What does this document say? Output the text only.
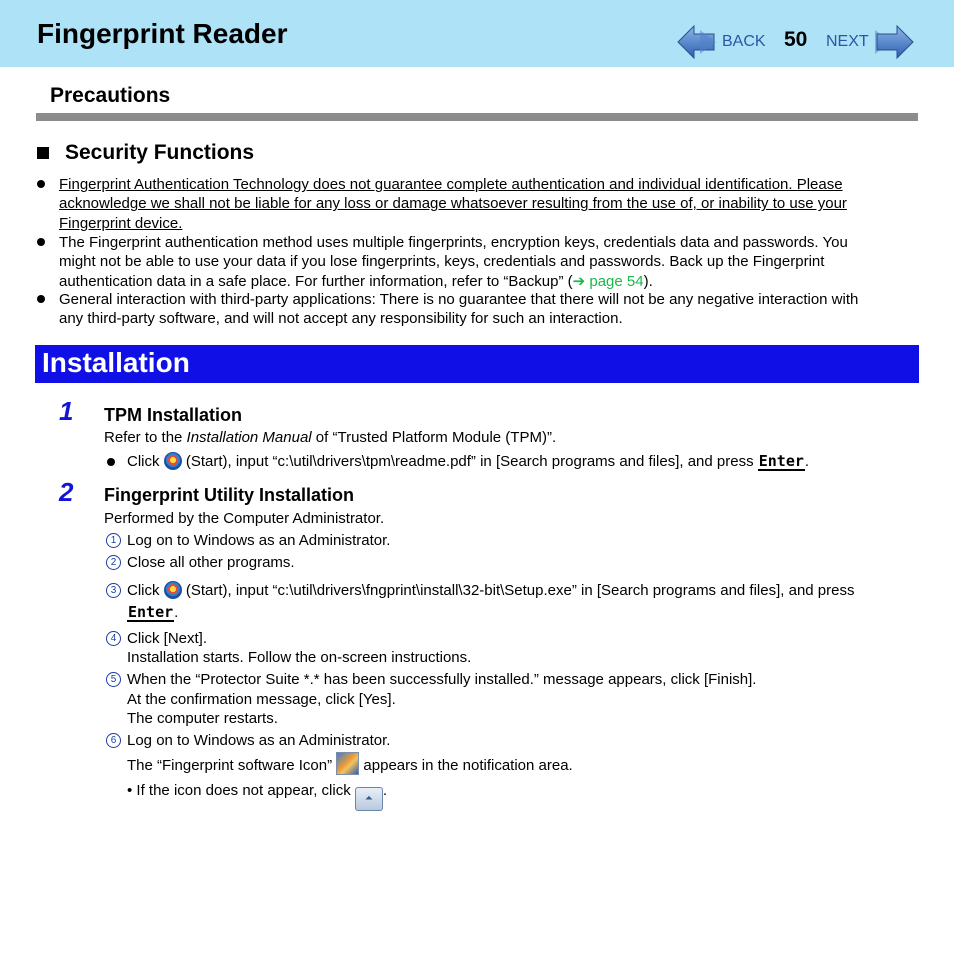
Fingerprint Reader	BACK 50 NEXT
Precautions
Security Functions
Fingerprint Authentication Technology does not guarantee complete authentication and individual identification. Please
acknowledge we shall not be liable for any loss or damage whatsoever resulting from the use of, or inability to use your
Fingerprint device.
The Fingerprint authentication method uses multiple fingerprints, encryption keys, credentials data and passwords. You
might not be able to use your data if you lose fingerprints, keys, credentials and passwords. Back up the Fingerprint
authentication data in a safe place. For further information, refer to “Backup” (➔ page 54).
General interaction with third-party applications: There is no guarantee that there will not be any negative interaction with
any third-party software, and will not accept any responsibility for such an interaction.
Installation
1 TPM Installation
Refer to the Installation Manual of “Trusted Platform Module (TPM)”.
Click  (Start), input “c:\util\drivers\tpm\readme.pdf” in [Search programs and files], and press Enter.
2 Fingerprint Utility Installation
Performed by the Computer Administrator.
1 Log on to Windows as an Administrator.
2 Close all other programs.
3 Click  (Start), input “c:\util\drivers\fngprint\install\32-bit\Setup.exe” in [Search programs and files], and press
Enter.
4 Click [Next].
Installation starts. Follow the on-screen instructions.
5 When the “Protector Suite *.* has been successfully installed.” message appears, click [Finish].
At the confirmation message, click [Yes].
The computer restarts.
6 Log on to Windows as an Administrator.
The “Fingerprint software Icon”  appears in the notification area.
• If the icon does not appear, click ⏶ .
